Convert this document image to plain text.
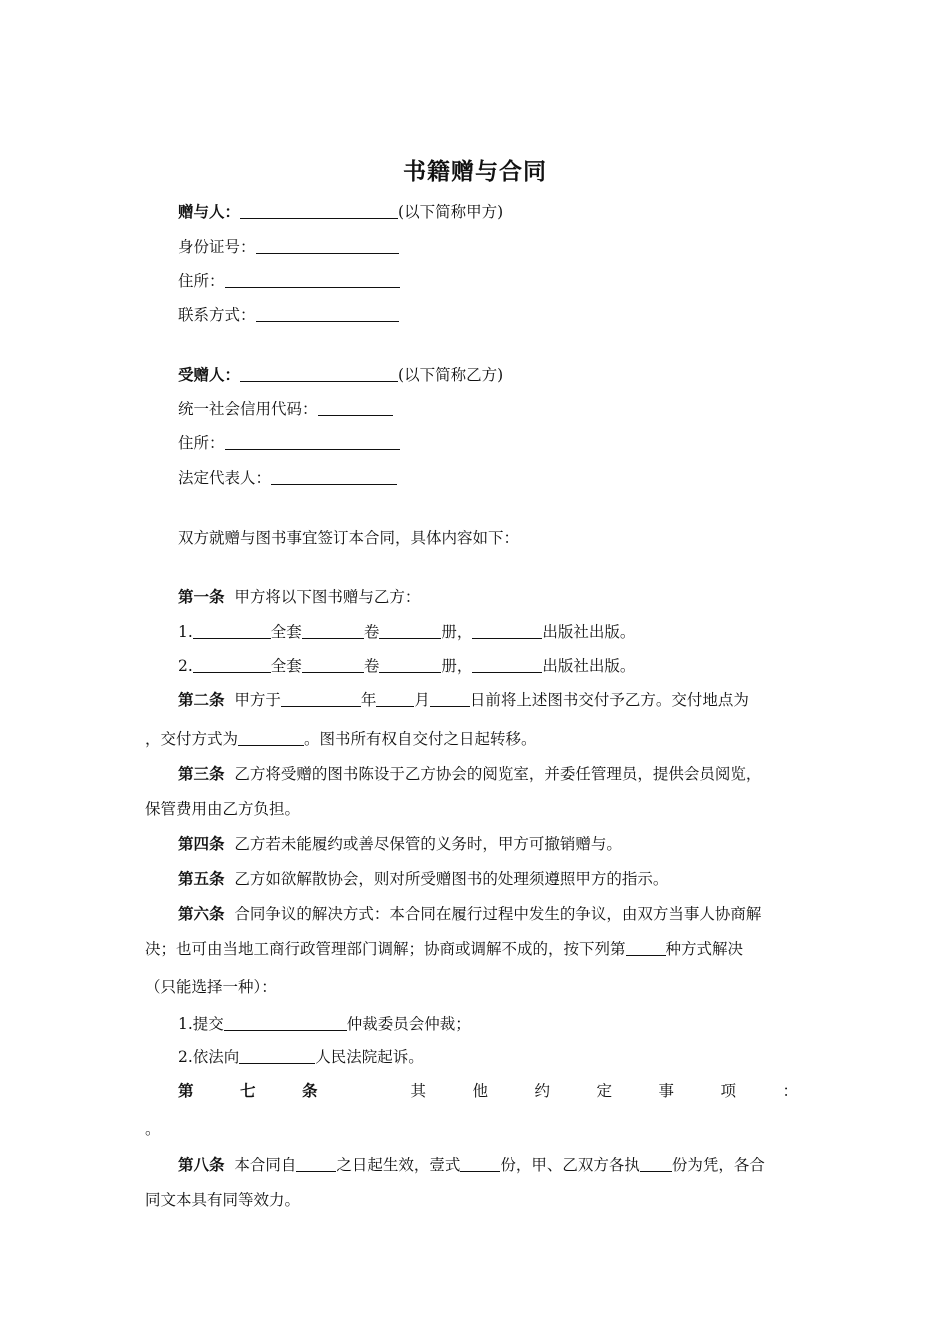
书籍赠与合同
赠与人：	(以下简称甲方)
身份证号：
住所：
联系方式：
受赠人：	(以下简称乙方)
统一社会信用代码：
住所：
法定代表人：
双方就赠与图书事宜签订本合同，具体内容如下：
第一条 甲方将以下图书赠与乙方：
1.	全套	卷	册，	出版社出版。
2.	全套	卷	册，	出版社出版。
第二条 甲方于	年 月	日前将上述图书交付予乙方。交付地点为
，交付方式为	。图书所有权自交付之日起转移。
第三条 乙方将受赠的图书陈设于乙方协会的阅览室，并委任管理员，提供会员阅览，
保管费用由乙方负担。
第四条 乙方若未能履约或善尽保管的义务时，甲方可撤销赠与。
第五条 乙方如欲解散协会，则对所受赠图书的处理须遵照甲方的指示。
第六条 合同争议的解决方式：本合同在履行过程中发生的争议，由双方当事人协商解
决；也可由当地工商行政管理部门调解；协商或调解不成的，按下列第	种方式解决
（只能选择一种）：
1.提交	仲裁委员会仲裁；
2.依法向	人民法院起诉。
第	七	条	其	他	约	定	事	项	：
。
第八条 本合同自	之日起生效，壹式	份，甲、乙双方各执 份为凭，各合
同文本具有同等效力。
